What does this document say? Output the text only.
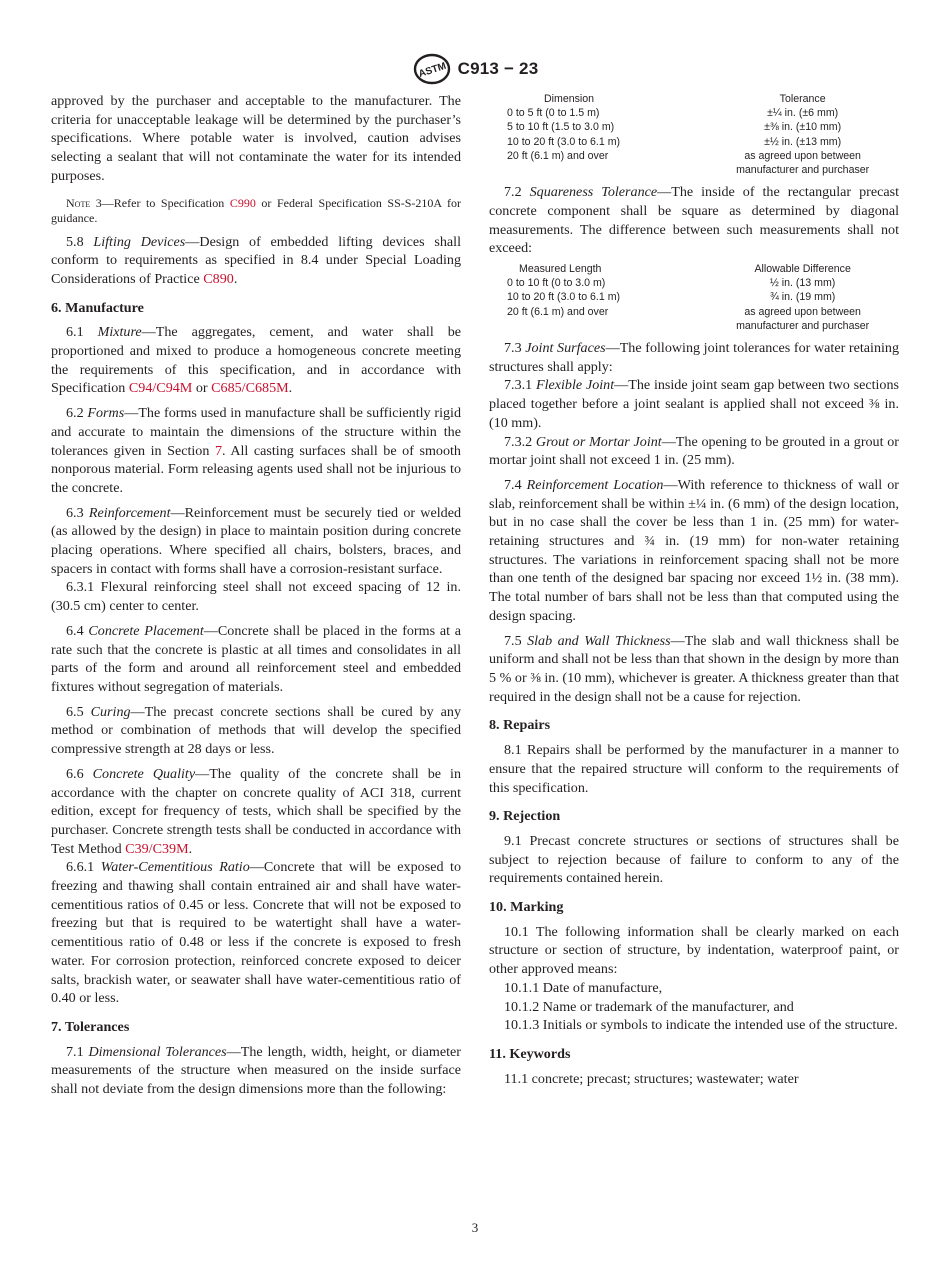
ASTM C913 − 23

approved by the purchaser and acceptable to the manufacturer. The criteria for unacceptable leakage will be determined by the purchaser’s specifications. Where potable water is involved, caution advises selecting a sealant that will not contaminate the water for its intended purposes.

Note 3—Refer to Specification C990 or Federal Specification SS-S-210A for guidance.

5.8 Lifting Devices—Design of embedded lifting devices shall conform to requirements as specified in 8.4 under Special Loading Considerations of Practice C890.

6. Manufacture

6.1 Mixture—The aggregates, cement, and water shall be proportioned and mixed to produce a homogeneous concrete meeting the requirements of this specification, and in accordance with Specification C94/C94M or C685/C685M.

6.2 Forms—The forms used in manufacture shall be sufficiently rigid and accurate to maintain the dimensions of the structure within the tolerances given in Section 7. All casting surfaces shall be of smooth nonporous material. Form releasing agents used shall not be injurious to the concrete.

6.3 Reinforcement—Reinforcement must be securely tied or welded (as allowed by the design) in place to maintain position during concrete placing operations. Where specified all chairs, bolsters, braces, and spacers in contact with forms shall have a corrosion-resistant surface.

6.3.1 Flexural reinforcing steel shall not exceed spacing of 12 in. (30.5 cm) center to center.

6.4 Concrete Placement—Concrete shall be placed in the forms at a rate such that the concrete is plastic at all times and consolidates in all parts of the form and around all reinforcement steel and embedded fixtures without segregation of materials.

6.5 Curing—The precast concrete sections shall be cured by any method or combination of methods that will develop the specified compressive strength at 28 days or less.

6.6 Concrete Quality—The quality of the concrete shall be in accordance with the chapter on concrete quality of ACI 318, current edition, except for frequency of tests, which shall be specified by the purchaser. Concrete strength tests shall be conducted in accordance with Test Method C39/C39M.

6.6.1 Water-Cementitious Ratio—Concrete that will be exposed to freezing and thawing shall contain entrained air and shall have water-cementitious ratios of 0.45 or less. Concrete that will not be exposed to freezing but that is required to be watertight shall have a water-cementitious ratio of 0.48 or less if the concrete is exposed to fresh water. For corrosion protection, reinforced concrete exposed to deicer salts, brackish water, or seawater shall have water-cementitious ratio of 0.40 or less.

7. Tolerances

7.1 Dimensional Tolerances—The length, width, height, or diameter measurements of the structure when measured on the inside surface shall not deviate from the design dimensions more than the following:

Dimension	Tolerance
0 to 5 ft (0 to 1.5 m)	±¼ in. (±6 mm)
5 to 10 ft (1.5 to 3.0 m)	±⅜ in. (±10 mm)
10 to 20 ft (3.0 to 6.1 m)	±½ in. (±13 mm)
20 ft (6.1 m) and over	as agreed upon between
	manufacturer and purchaser

7.2 Squareness Tolerance—The inside of the rectangular precast concrete component shall be square as determined by diagonal measurements. The difference between such measurements shall not exceed:

Measured Length	Allowable Difference
0 to 10 ft (0 to 3.0 m)	½ in. (13 mm)
10 to 20 ft (3.0 to 6.1 m)	¾ in. (19 mm)
20 ft (6.1 m) and over	as agreed upon between
	manufacturer and purchaser

7.3 Joint Surfaces—The following joint tolerances for water retaining structures shall apply:

7.3.1 Flexible Joint—The inside joint seam gap between two sections placed together before a joint sealant is applied shall not exceed ⅜ in. (10 mm).

7.3.2 Grout or Mortar Joint—The opening to be grouted in a grout or mortar joint shall not exceed 1 in. (25 mm).

7.4 Reinforcement Location—With reference to thickness of wall or slab, reinforcement shall be within ±¼ in. (6 mm) of the design location, but in no case shall the cover be less than 1 in. (25 mm) for water-retaining structures and ¾ in. (19 mm) for non-water retaining structures. The variations in reinforcement spacing shall not be more than one tenth of the designed bar spacing nor exceed 1½ in. (38 mm). The total number of bars shall not be less than that computed using the design spacing.

7.5 Slab and Wall Thickness—The slab and wall thickness shall be uniform and shall not be less than that shown in the design by more than 5 % or ⅜ in. (10 mm), whichever is greater. A thickness greater than that required in the design shall not be a cause for rejection.

8. Repairs

8.1 Repairs shall be performed by the manufacturer in a manner to ensure that the repaired structure will conform to the requirements of this specification.

9. Rejection

9.1 Precast concrete structures or sections of structures shall be subject to rejection because of failure to conform to any of the requirements contained herein.

10. Marking

10.1 The following information shall be clearly marked on each structure or section of structure, by indentation, waterproof paint, or other approved means:

10.1.1 Date of manufacture,

10.1.2 Name or trademark of the manufacturer, and

10.1.3 Initials or symbols to indicate the intended use of the structure.

11. Keywords

11.1 concrete; precast; structures; wastewater; water

3
